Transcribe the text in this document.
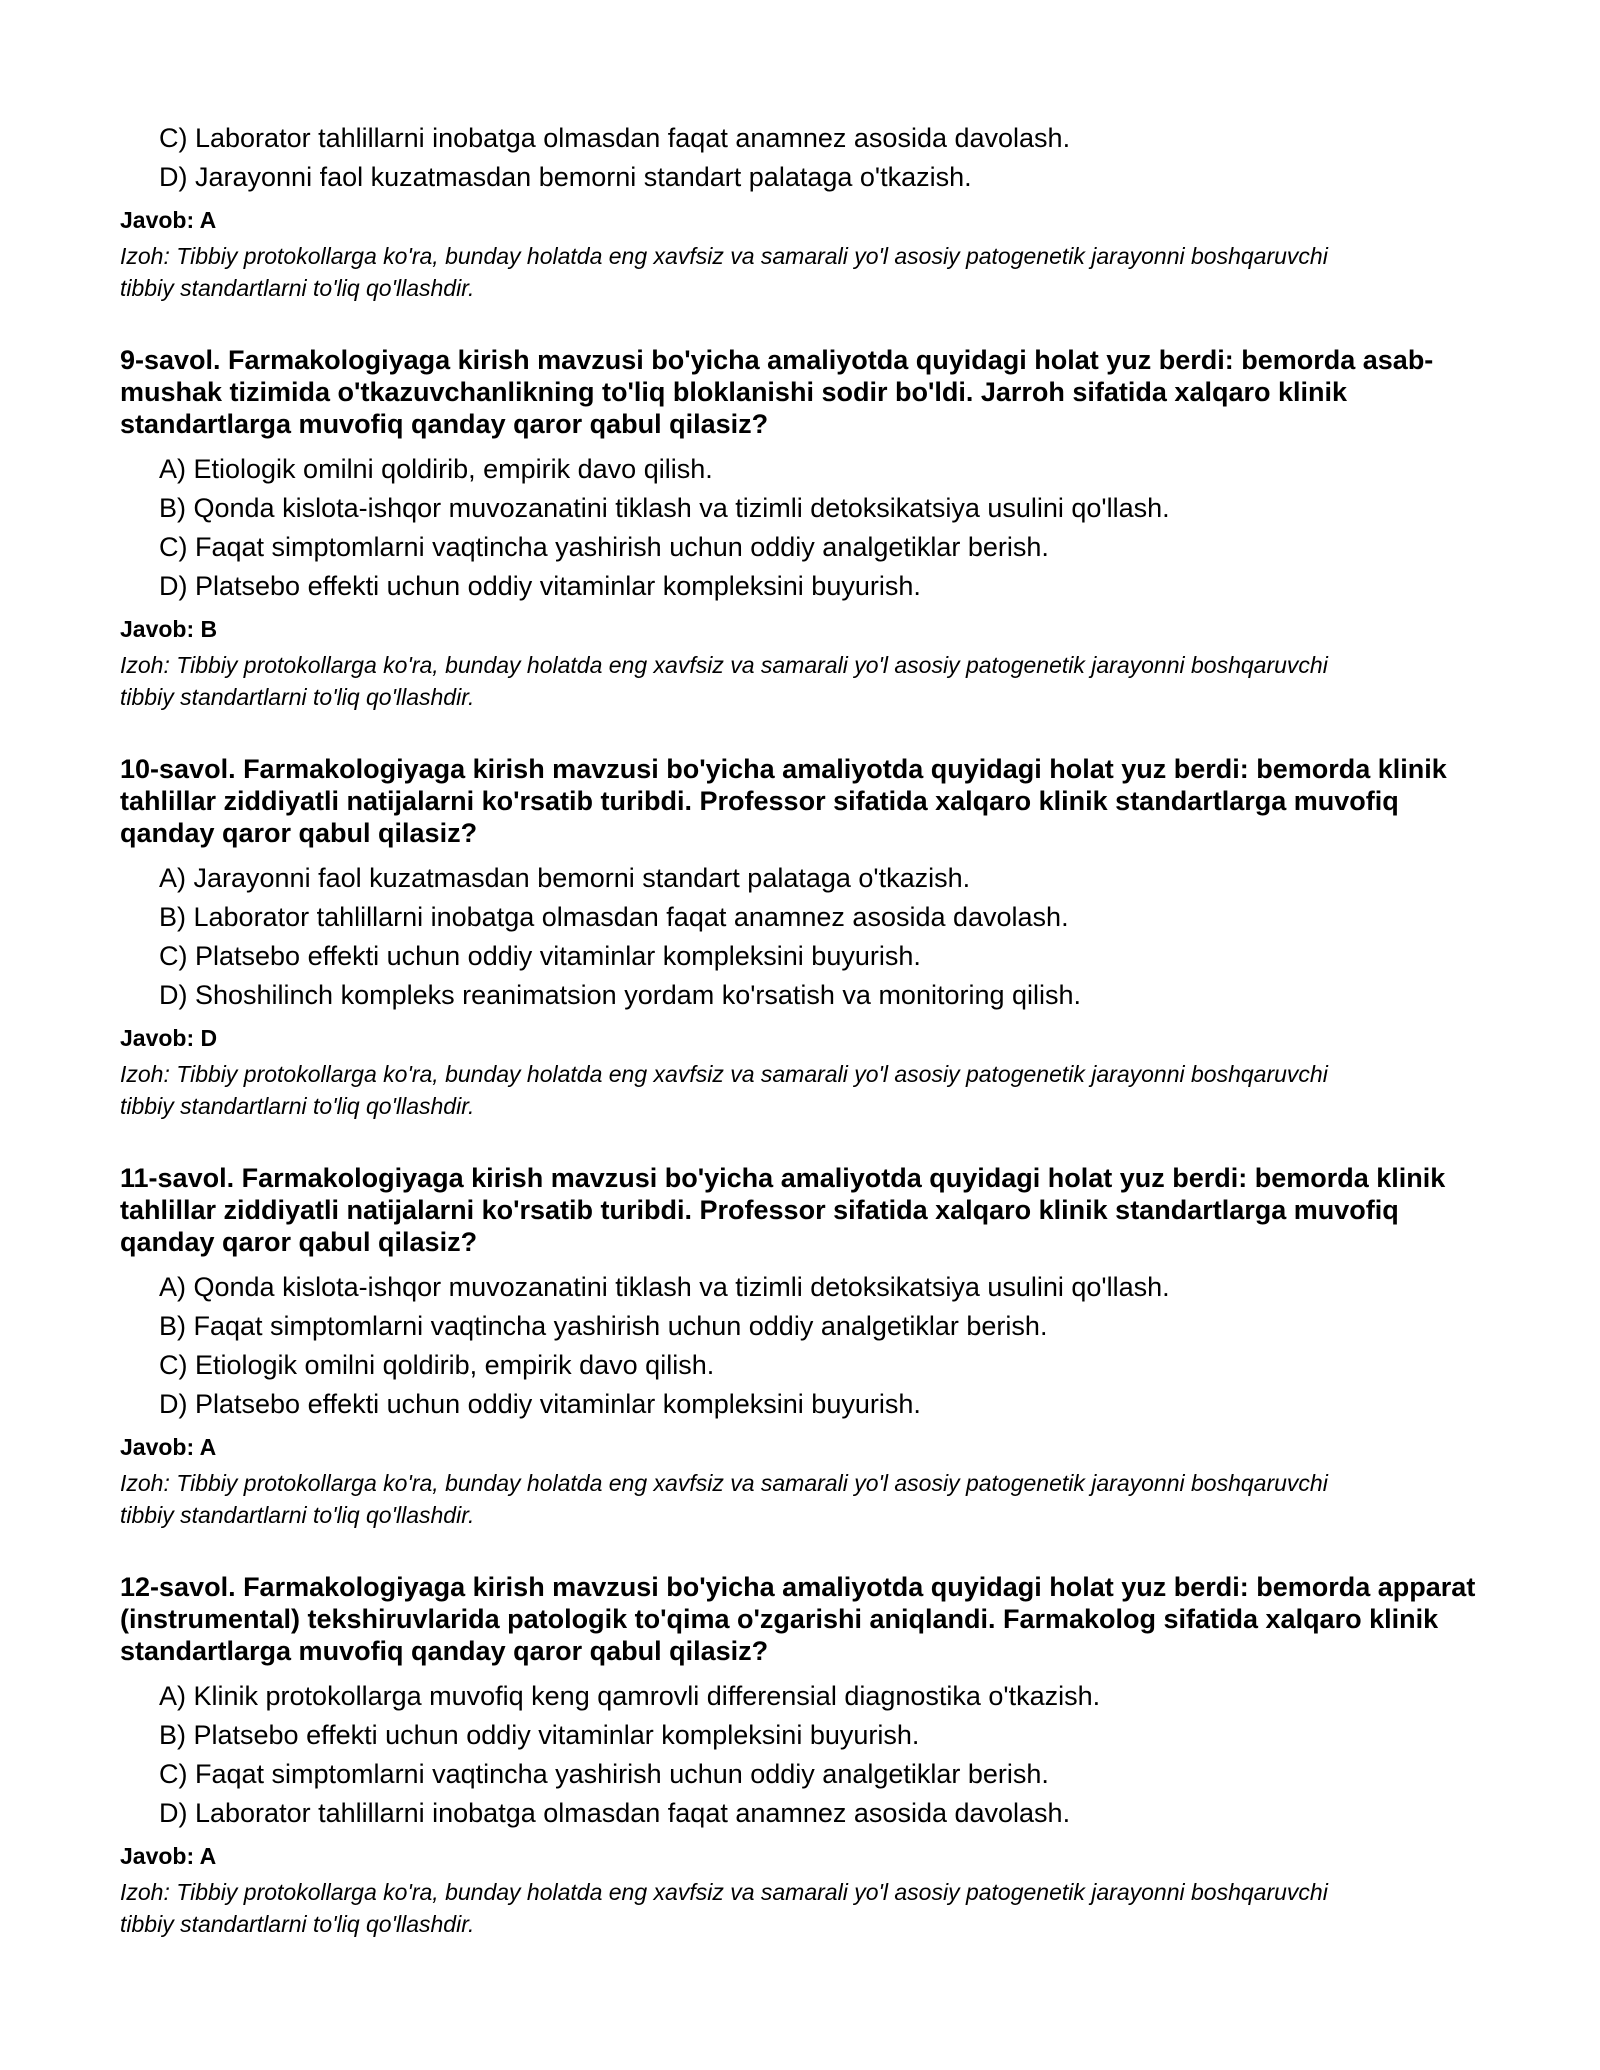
C) Laborator tahlillarni inobatga olmasdan faqat anamnez asosida davolash.
D) Jarayonni faol kuzatmasdan bemorni standart palataga o'tkazish.
Javob: A
Izoh: Tibbiy protokollarga ko'ra, bunday holatda eng xavfsiz va samarali yo'l asosiy patogenetik jarayonni boshqaruvchi tibbiy standartlarni to'liq qo'llashdir.
9-savol. Farmakologiyaga kirish mavzusi bo'yicha amaliyotda quyidagi holat yuz berdi: bemorda asab-mushak tizimida o'tkazuvchanlikning to'liq bloklanishi sodir bo'ldi. Jarroh sifatida xalqaro klinik standartlarga muvofiq qanday qaror qabul qilasiz?
A) Etiologik omilni qoldirib, empirik davo qilish.
B) Qonda kislota-ishqor muvozanatini tiklash va tizimli detoksikatsiya usulini qo'llash.
C) Faqat simptomlarni vaqtincha yashirish uchun oddiy analgetiklar berish.
D) Platsebo effekti uchun oddiy vitaminlar kompleksini buyurish.
Javob: B
Izoh: Tibbiy protokollarga ko'ra, bunday holatda eng xavfsiz va samarali yo'l asosiy patogenetik jarayonni boshqaruvchi tibbiy standartlarni to'liq qo'llashdir.
10-savol. Farmakologiyaga kirish mavzusi bo'yicha amaliyotda quyidagi holat yuz berdi: bemorda klinik tahlillar ziddiyatli natijalarni ko'rsatib turibdi. Professor sifatida xalqaro klinik standartlarga muvofiq qanday qaror qabul qilasiz?
A) Jarayonni faol kuzatmasdan bemorni standart palataga o'tkazish.
B) Laborator tahlillarni inobatga olmasdan faqat anamnez asosida davolash.
C) Platsebo effekti uchun oddiy vitaminlar kompleksini buyurish.
D) Shoshilinch kompleks reanimatsion yordam ko'rsatish va monitoring qilish.
Javob: D
Izoh: Tibbiy protokollarga ko'ra, bunday holatda eng xavfsiz va samarali yo'l asosiy patogenetik jarayonni boshqaruvchi tibbiy standartlarni to'liq qo'llashdir.
11-savol. Farmakologiyaga kirish mavzusi bo'yicha amaliyotda quyidagi holat yuz berdi: bemorda klinik tahlillar ziddiyatli natijalarni ko'rsatib turibdi. Professor sifatida xalqaro klinik standartlarga muvofiq qanday qaror qabul qilasiz?
A) Qonda kislota-ishqor muvozanatini tiklash va tizimli detoksikatsiya usulini qo'llash.
B) Faqat simptomlarni vaqtincha yashirish uchun oddiy analgetiklar berish.
C) Etiologik omilni qoldirib, empirik davo qilish.
D) Platsebo effekti uchun oddiy vitaminlar kompleksini buyurish.
Javob: A
Izoh: Tibbiy protokollarga ko'ra, bunday holatda eng xavfsiz va samarali yo'l asosiy patogenetik jarayonni boshqaruvchi tibbiy standartlarni to'liq qo'llashdir.
12-savol. Farmakologiyaga kirish mavzusi bo'yicha amaliyotda quyidagi holat yuz berdi: bemorda apparat (instrumental) tekshiruvlarida patologik to'qima o'zgarishi aniqlandi. Farmakolog sifatida xalqaro klinik standartlarga muvofiq qanday qaror qabul qilasiz?
A) Klinik protokollarga muvofiq keng qamrovli differensial diagnostika o'tkazish.
B) Platsebo effekti uchun oddiy vitaminlar kompleksini buyurish.
C) Faqat simptomlarni vaqtincha yashirish uchun oddiy analgetiklar berish.
D) Laborator tahlillarni inobatga olmasdan faqat anamnez asosida davolash.
Javob: A
Izoh: Tibbiy protokollarga ko'ra, bunday holatda eng xavfsiz va samarali yo'l asosiy patogenetik jarayonni boshqaruvchi tibbiy standartlarni to'liq qo'llashdir.
